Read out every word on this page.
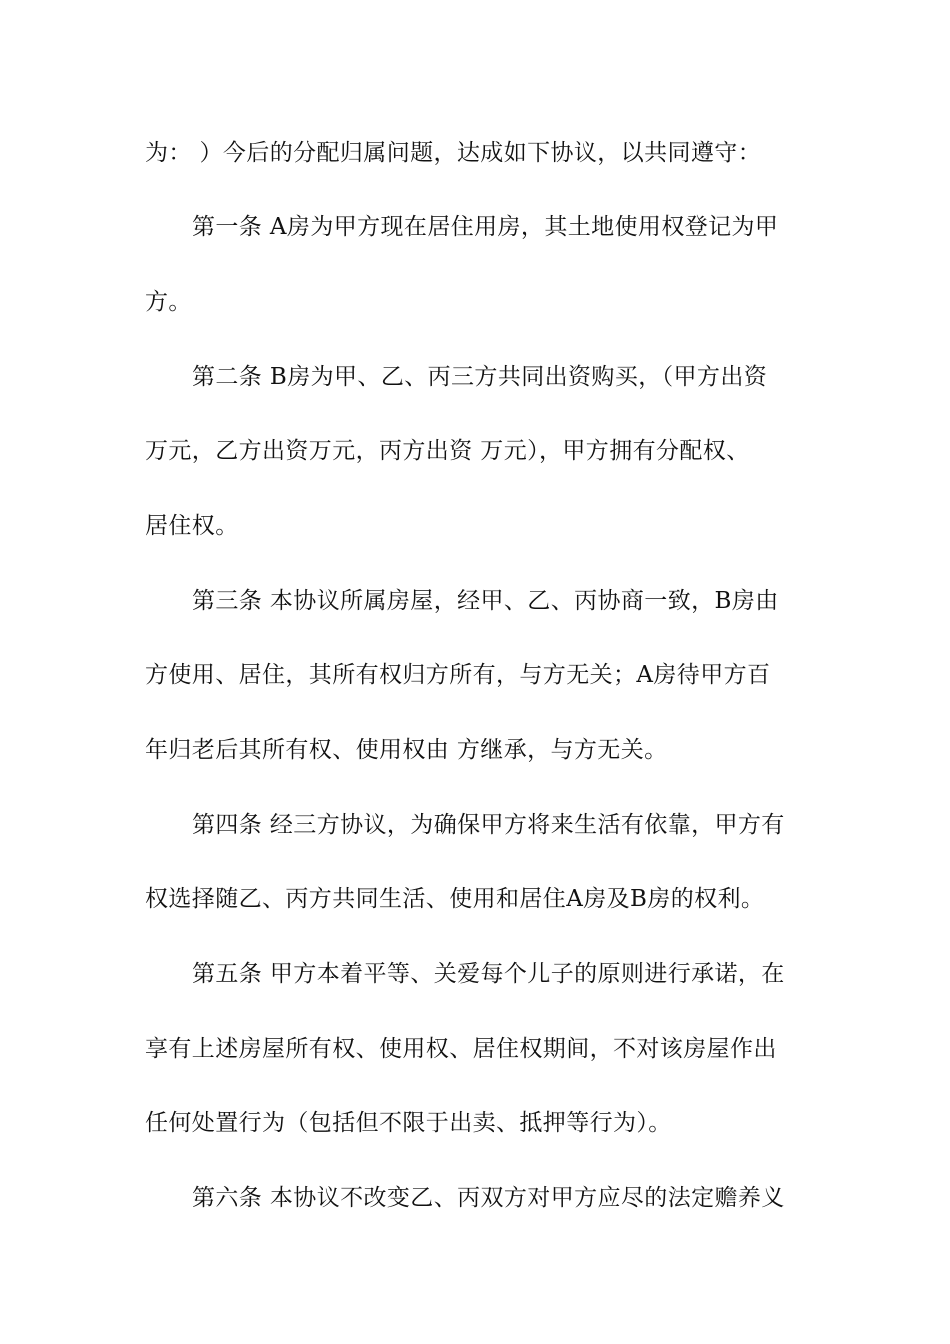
为： ）今后的分配归属问题，达成如下协议，以共同遵守：
第一条 A房为甲方现在居住用房，其土地使用权登记为甲
方。
第二条 B房为甲、乙、丙三方共同出资购买，（甲方出资
万元，乙方出资万元，丙方出资 万元），甲方拥有分配权、
居住权。
第三条 本协议所属房屋，经甲、乙、丙协商一致，B房由
方使用、居住，其所有权归方所有，与方无关；A房待甲方百
年归老后其所有权、使用权由 方继承，与方无关。
第四条 经三方协议，为确保甲方将来生活有依靠，甲方有
权选择随乙、丙方共同生活、使用和居住A房及B房的权利。
第五条 甲方本着平等、关爱每个儿子的原则进行承诺，在
享有上述房屋所有权、使用权、居住权期间，不对该房屋作出
任何处置行为（包括但不限于出卖、抵押等行为）。
第六条 本协议不改变乙、丙双方对甲方应尽的法定赡养义
